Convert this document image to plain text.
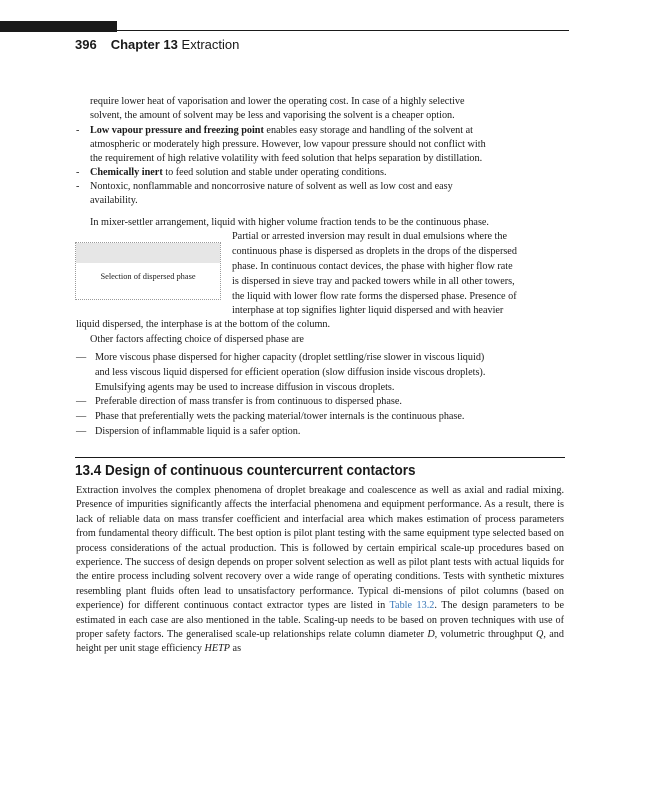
396 Chapter 13 Extraction
require lower heat of vaporisation and lower the operating cost. In case of a highly selective
solvent, the amount of solvent may be less and vaporising the solvent is a cheaper option.
- Low vapour pressure and freezing point enables easy storage and handling of the solvent at
atmospheric or moderately high pressure. However, low vapour pressure should not conflict with
the requirement of high relative volatility with feed solution that helps separation by distillation.
- Chemically inert to feed solution and stable under operating conditions.
- Nontoxic, nonflammable and noncorrosive nature of solvent as well as low cost and easy
availability.
In mixer-settler arrangement, liquid with higher volume fraction tends to be the continuous phase.
Partial or arrested inversion may result in dual emulsions where the
continuous phase is dispersed as droplets in the drops of the dispersed
phase. In continuous contact devices, the phase with higher flow rate
is dispersed in sieve tray and packed towers while in all other towers,
the liquid with lower flow rate forms the dispersed phase. Presence of
interphase at top signifies lighter liquid dispersed and with heavier
liquid dispersed, the interphase is at the bottom of the column.
Other factors affecting choice of dispersed phase are
Selection of dispersed phase
— More viscous phase dispersed for higher capacity (droplet settling/rise slower in viscous liquid)
and less viscous liquid dispersed for efficient operation (slow diffusion inside viscous droplets).
Emulsifying agents may be used to increase diffusion in viscous droplets.
— Preferable direction of mass transfer is from continuous to dispersed phase.
— Phase that preferentially wets the packing material/tower internals is the continuous phase.
— Dispersion of inflammable liquid is a safer option.
13.4 Design of continuous countercurrent contactors
Extraction involves the complex phenomena of droplet breakage and coalescence as well as axial and radial mixing. Presence of impurities significantly affects the interfacial phenomena and equipment performance. As a result, there is lack of reliable data on mass transfer coefficient and interfacial area which makes estimation of process parameters from fundamental theory difficult. The best option is pilot plant testing with the same equipment type selected based on process considerations of the actual production. This is followed by certain empirical scale-up procedures based on experience. The success of design depends on proper solvent selection as well as pilot plant tests with actual liquids for the entire process including solvent recovery over a wide range of operating conditions. Tests with synthetic mixtures resembling plant fluids often lead to unsatisfactory performance. Typical di-mensions of pilot columns (based on experience) for different continuous contact extractor types are listed in Table 13.2. The design parameters to be estimated in each case are also mentioned in the table. Scaling-up needs to be based on proven techniques with use of proper safety factors. The generalised scale-up relationships relate column diameter D, volumetric throughput Q, and height per unit stage efficiency HETP as
